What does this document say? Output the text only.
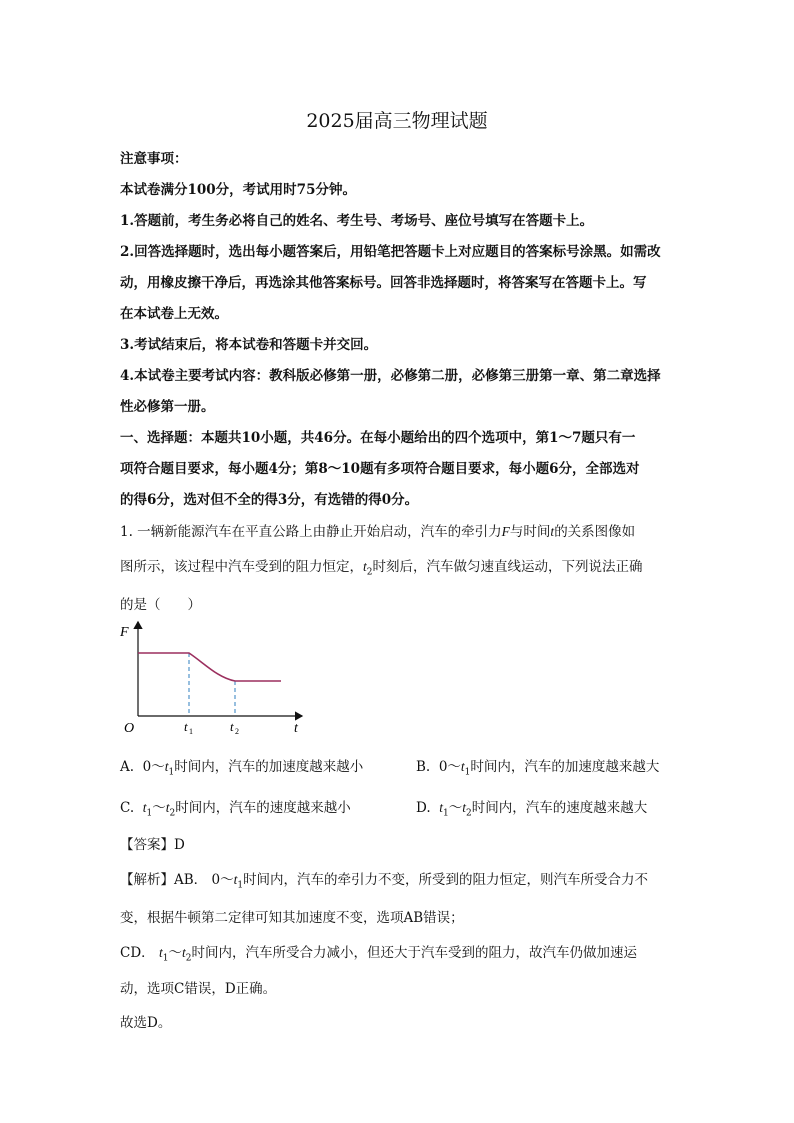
2025届高三物理试题
注意事项：
本试卷满分100分，考试用时75分钟。
1.答题前，考生务必将自己的姓名、考生号、考场号、座位号填写在答题卡上。
2.回答选择题时，选出每小题答案后，用铅笔把答题卡上对应题目的答案标号涂黑。如需改
动，用橡皮擦干净后，再选涂其他答案标号。回答非选择题时，将答案写在答题卡上。写
在本试卷上无效。
3.考试结束后，将本试卷和答题卡并交回。
4.本试卷主要考试内容：教科版必修第一册，必修第二册，必修第三册第一章、第二章选择
性必修第一册。
一、选择题：本题共10小题，共46分。在每小题给出的四个选项中，第1～7题只有一
项符合题目要求，每小题4分；第8～10题有多项符合题目要求，每小题6分，全部选对
的得6分，选对但不全的得3分，有选错的得0分。
1. 一辆新能源汽车在平直公路上由静止开始启动，汽车的牵引力F与时间t的关系图像如
图所示，该过程中汽车受到的阻力恒定，$t_2$时刻后，汽车做匀速直线运动，下列说法正确
的是（　　）
F
t
O	t 1	t 2
A. $0\sim t_1$时间内，汽车的加速度越来越小	B. $0\sim t_1$时间内，汽车的加速度越来越大
C. $t_1\sim t_2$时间内，汽车的速度越来越小	D. $t_1\sim t_2$时间内，汽车的速度越来越大
【答案】D
【解析】AB． $0\sim t_1$时间内，汽车的牵引力不变，所受到的阻力恒定，则汽车所受合力不
变，根据牛顿第二定律可知其加速度不变，选项AB错误；
CD． $t_1\sim t_2$时间内，汽车所受合力减小，但还大于汽车受到的阻力，故汽车仍做加速运
动，选项C错误，D正确。
故选D。
